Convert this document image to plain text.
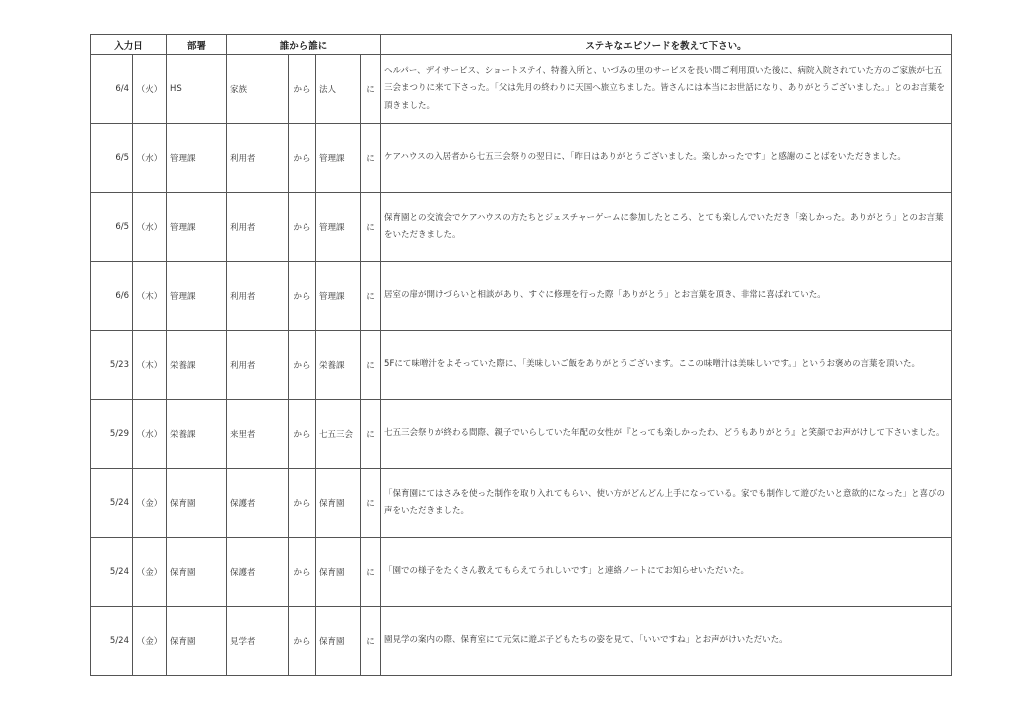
入力日		部署	誰から誰に				ステキなエピソードを教えて下さい。
6/4	（火）	HS	家族	から	法人	に	ヘルパー、デイサービス、ショートステイ、特養入所と、いづみの里のサービスを長い間ご利用頂いた後に、病院入院されていた方のご家族が七五三会まつりに来て下さった。「父は先月の終わりに天国へ旅立ちました。皆さんには本当にお世話になり、ありがとうございました。」とのお言葉を頂きました。
6/5	（水）	管理課	利用者	から	管理課	に	ケアハウスの入居者から七五三会祭りの翌日に、「昨日はありがとうございました。楽しかったです」と感謝のことばをいただきました。
6/5	（水）	管理課	利用者	から	管理課	に	保育園との交流会でケアハウスの方たちとジェスチャーゲームに参加したところ、とても楽しんでいただき「楽しかった。ありがとう」とのお言葉をいただきました。
6/6	（木）	管理課	利用者	から	管理課	に	居室の扉が開けづらいと相談があり、すぐに修理を行った際「ありがとう」とお言葉を頂き、非常に喜ばれていた。
5/23	（木）	栄養課	利用者	から	栄養課	に	5Fにて味噌汁をよそっていた際に、「美味しいご飯をありがとうございます。ここの味噌汁は美味しいです。」というお褒めの言葉を頂いた。
5/29	（水）	栄養課	来里者	から	七五三会	に	七五三会祭りが終わる間際、親子でいらしていた年配の女性が『とっても楽しかったわ、どうもありがとう』と笑顔でお声がけして下さいました。
5/24	（金）	保育園	保護者	から	保育園	に	「保育園にてはさみを使った制作を取り入れてもらい、使い方がどんどん上手になっている。家でも制作して遊びたいと意欲的になった」と喜びの声をいただきました。
5/24	（金）	保育園	保護者	から	保育園	に	「園での様子をたくさん教えてもらえてうれしいです」と連絡ノートにてお知らせいただいた。
5/24	（金）	保育園	見学者	から	保育園	に	園見学の案内の際、保育室にて元気に遊ぶ子どもたちの姿を見て、「いいですね」とお声がけいただいた。
